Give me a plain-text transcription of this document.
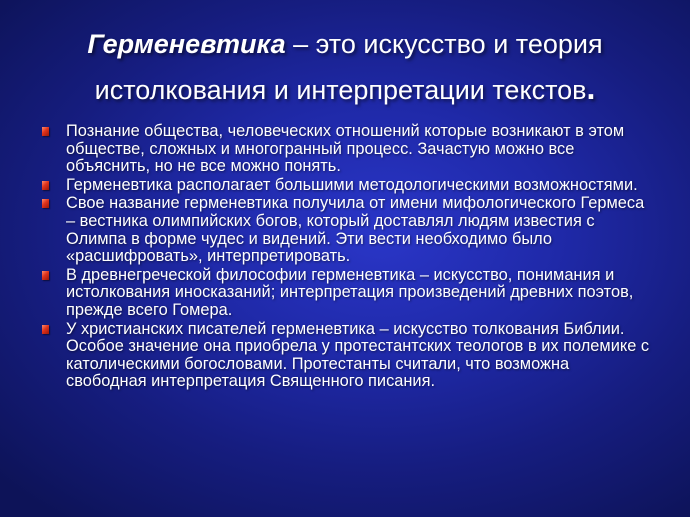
Герменевтика – это искусство и теория
истолкования и интерпретации текстов.
Познание общества, человеческих отношений которые возникают в этом обществе, сложных и многогранный процесс. Зачастую можно все объяснить, но не все можно понять.
Герменевтика располагает большими методологическими возможностями.
Свое название герменевтика получила от имени мифологического Гермеса – вестника олимпийских богов, который доставлял людям известия с Олимпа в форме чудес и видений. Эти вести необходимо было «расшифровать», интерпретировать.
В древнегреческой философии герменевтика – искусство, понимания и истолкования иносказаний; интерпретация произведений древних поэтов, прежде всего Гомера.
У христианских писателей герменевтика – искусство толкования Библии. Особое значение она приобрела у протестантских теологов в их полемике с католическими богословами. Протестанты считали, что возможна свободная интерпретация Священного писания.
